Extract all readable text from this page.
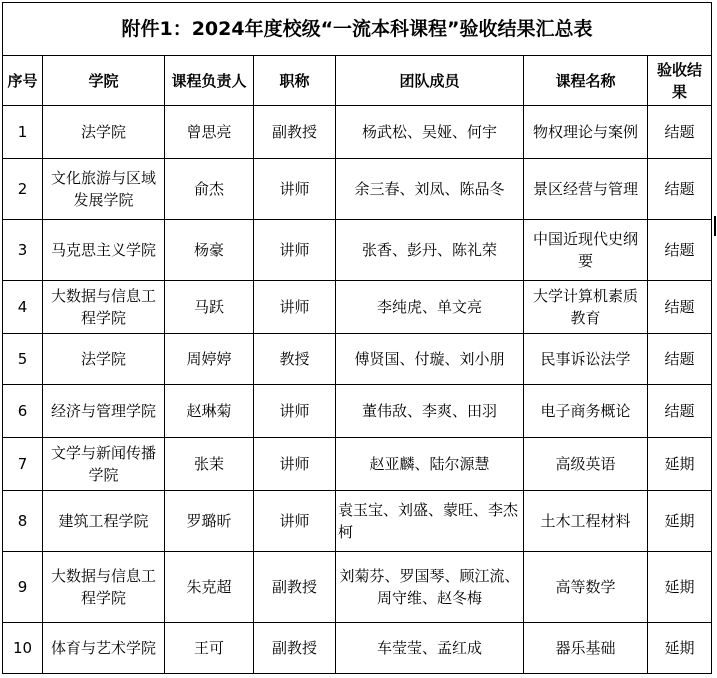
附件1：2024年度校级“一流本科课程”验收结果汇总表						
序号	学院	课程负责人	职称	团队成员	课程名称	验收结果
1	法学院	曾思亮	副教授	杨武松、吴娅、何宇	物权理论与案例	结题
2	文化旅游与区域发展学院	俞杰	讲师	余三春、刘凤、陈品冬	景区经营与管理	结题
3	马克思主义学院	杨豪	讲师	张香、彭丹、陈礼荣	中国近现代史纲要	结题
4	大数据与信息工程学院	马跃	讲师	李纯虎、单文亮	大学计算机素质教育	结题
5	法学院	周婷婷	教授	傅贤国、付璇、刘小朋	民事诉讼法学	结题
6	经济与管理学院	赵琳菊	讲师	董伟敌、李爽、田羽	电子商务概论	结题
7	文学与新闻传播学院	张茉	讲师	赵亚麟、陆尔源慧	高级英语	延期
8	建筑工程学院	罗璐昕	讲师	袁玉宝、刘盛、蒙旺、李杰柯	土木工程材料	延期
9	大数据与信息工程学院	朱克超	副教授	刘菊芬、罗国琴、顾江流、周守维、赵冬梅	高等数学	延期
10	体育与艺术学院	王可	副教授	车莹莹、孟红成	器乐基础	延期
